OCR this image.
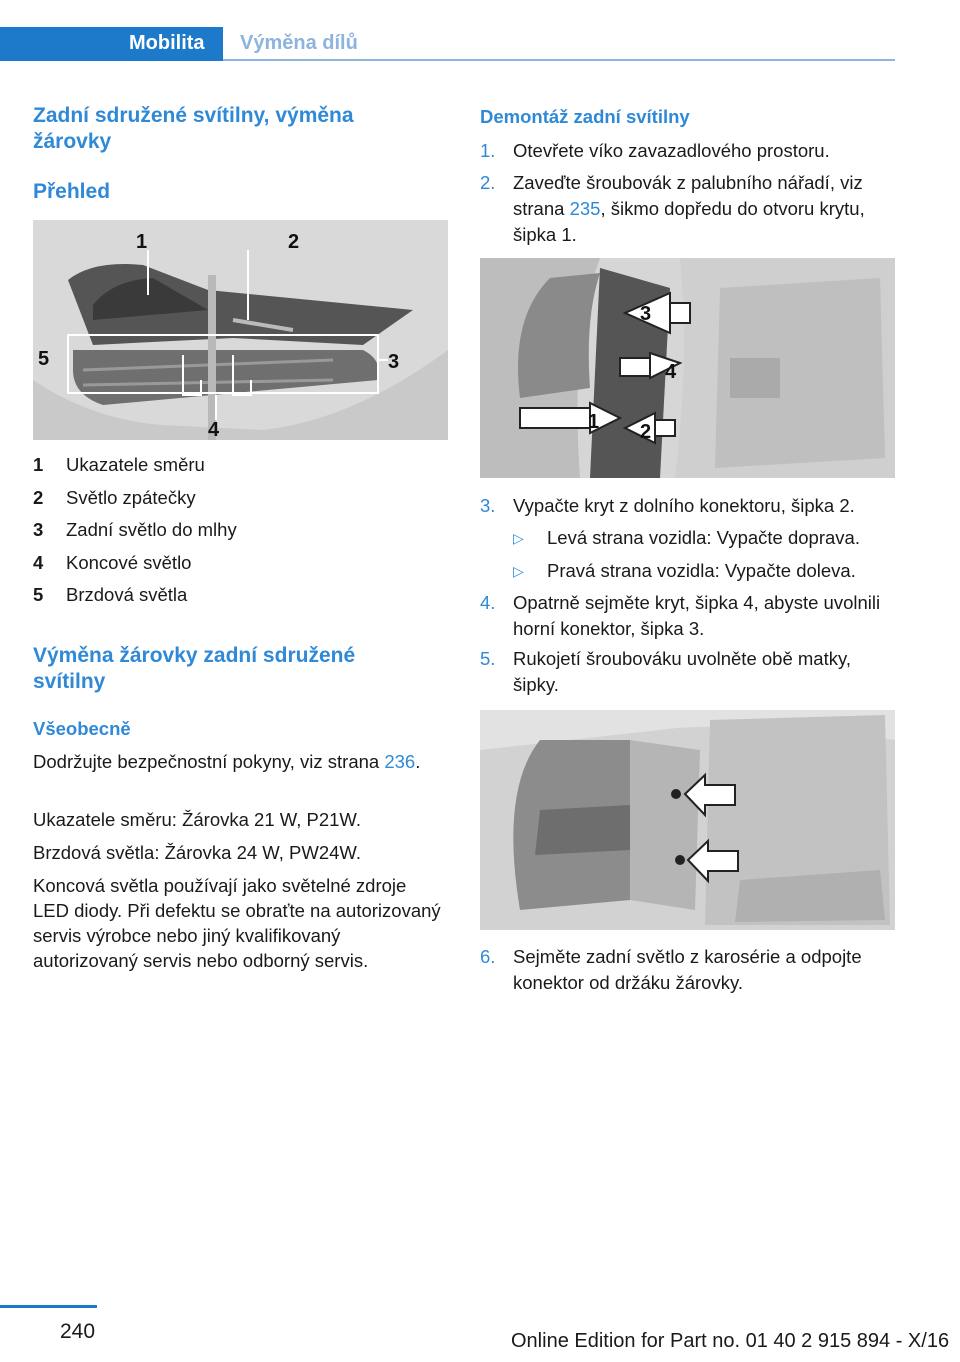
Mobilita Výměna dílů
Zadní sdružené svítilny, výměna žárovky
Přehled
1	2
3
4
5
1 Ukazatele směru
2 Světlo zpátečky
3 Zadní světlo do mlhy
4 Koncové světlo
5 Brzdová světla
Výměna žárovky zadní sdružené svítilny
Všeobecně
Dodržujte bezpečnostní pokyny, viz strana 236.
Ukazatele směru: Žárovka 21 W, P21W.
Brzdová světla: Žárovka 24 W, PW24W.
Koncová světla používají jako světelné zdroje LED diody. Při defektu se obraťte na autorizovaný servis výrobce nebo jiný kvalifikovaný autorizovaný servis nebo odborný servis.
Demontáž zadní svítilny
1. Otevřete víko zavazadlového prostoru.
2. Zaveďte šroubovák z palubního nářadí, viz strana 235, šikmo dopředu do otvoru krytu, šipka 1.
3
4
1 2
3. Vypačte kryt z dolního konektoru, šipka 2.
▷ Levá strana vozidla: Vypačte doprava.
▷ Pravá strana vozidla: Vypačte doleva.
4. Opatrně sejměte kryt, šipka 4, abyste uvolnili horní konektor, šipka 3.
5. Rukojetí šroubováku uvolněte obě matky, šipky.
6. Sejměte zadní světlo z karosérie a odpojte konektor od držáku žárovky.
240	Online Edition for Part no. 01 40 2 915 894 - X/16
